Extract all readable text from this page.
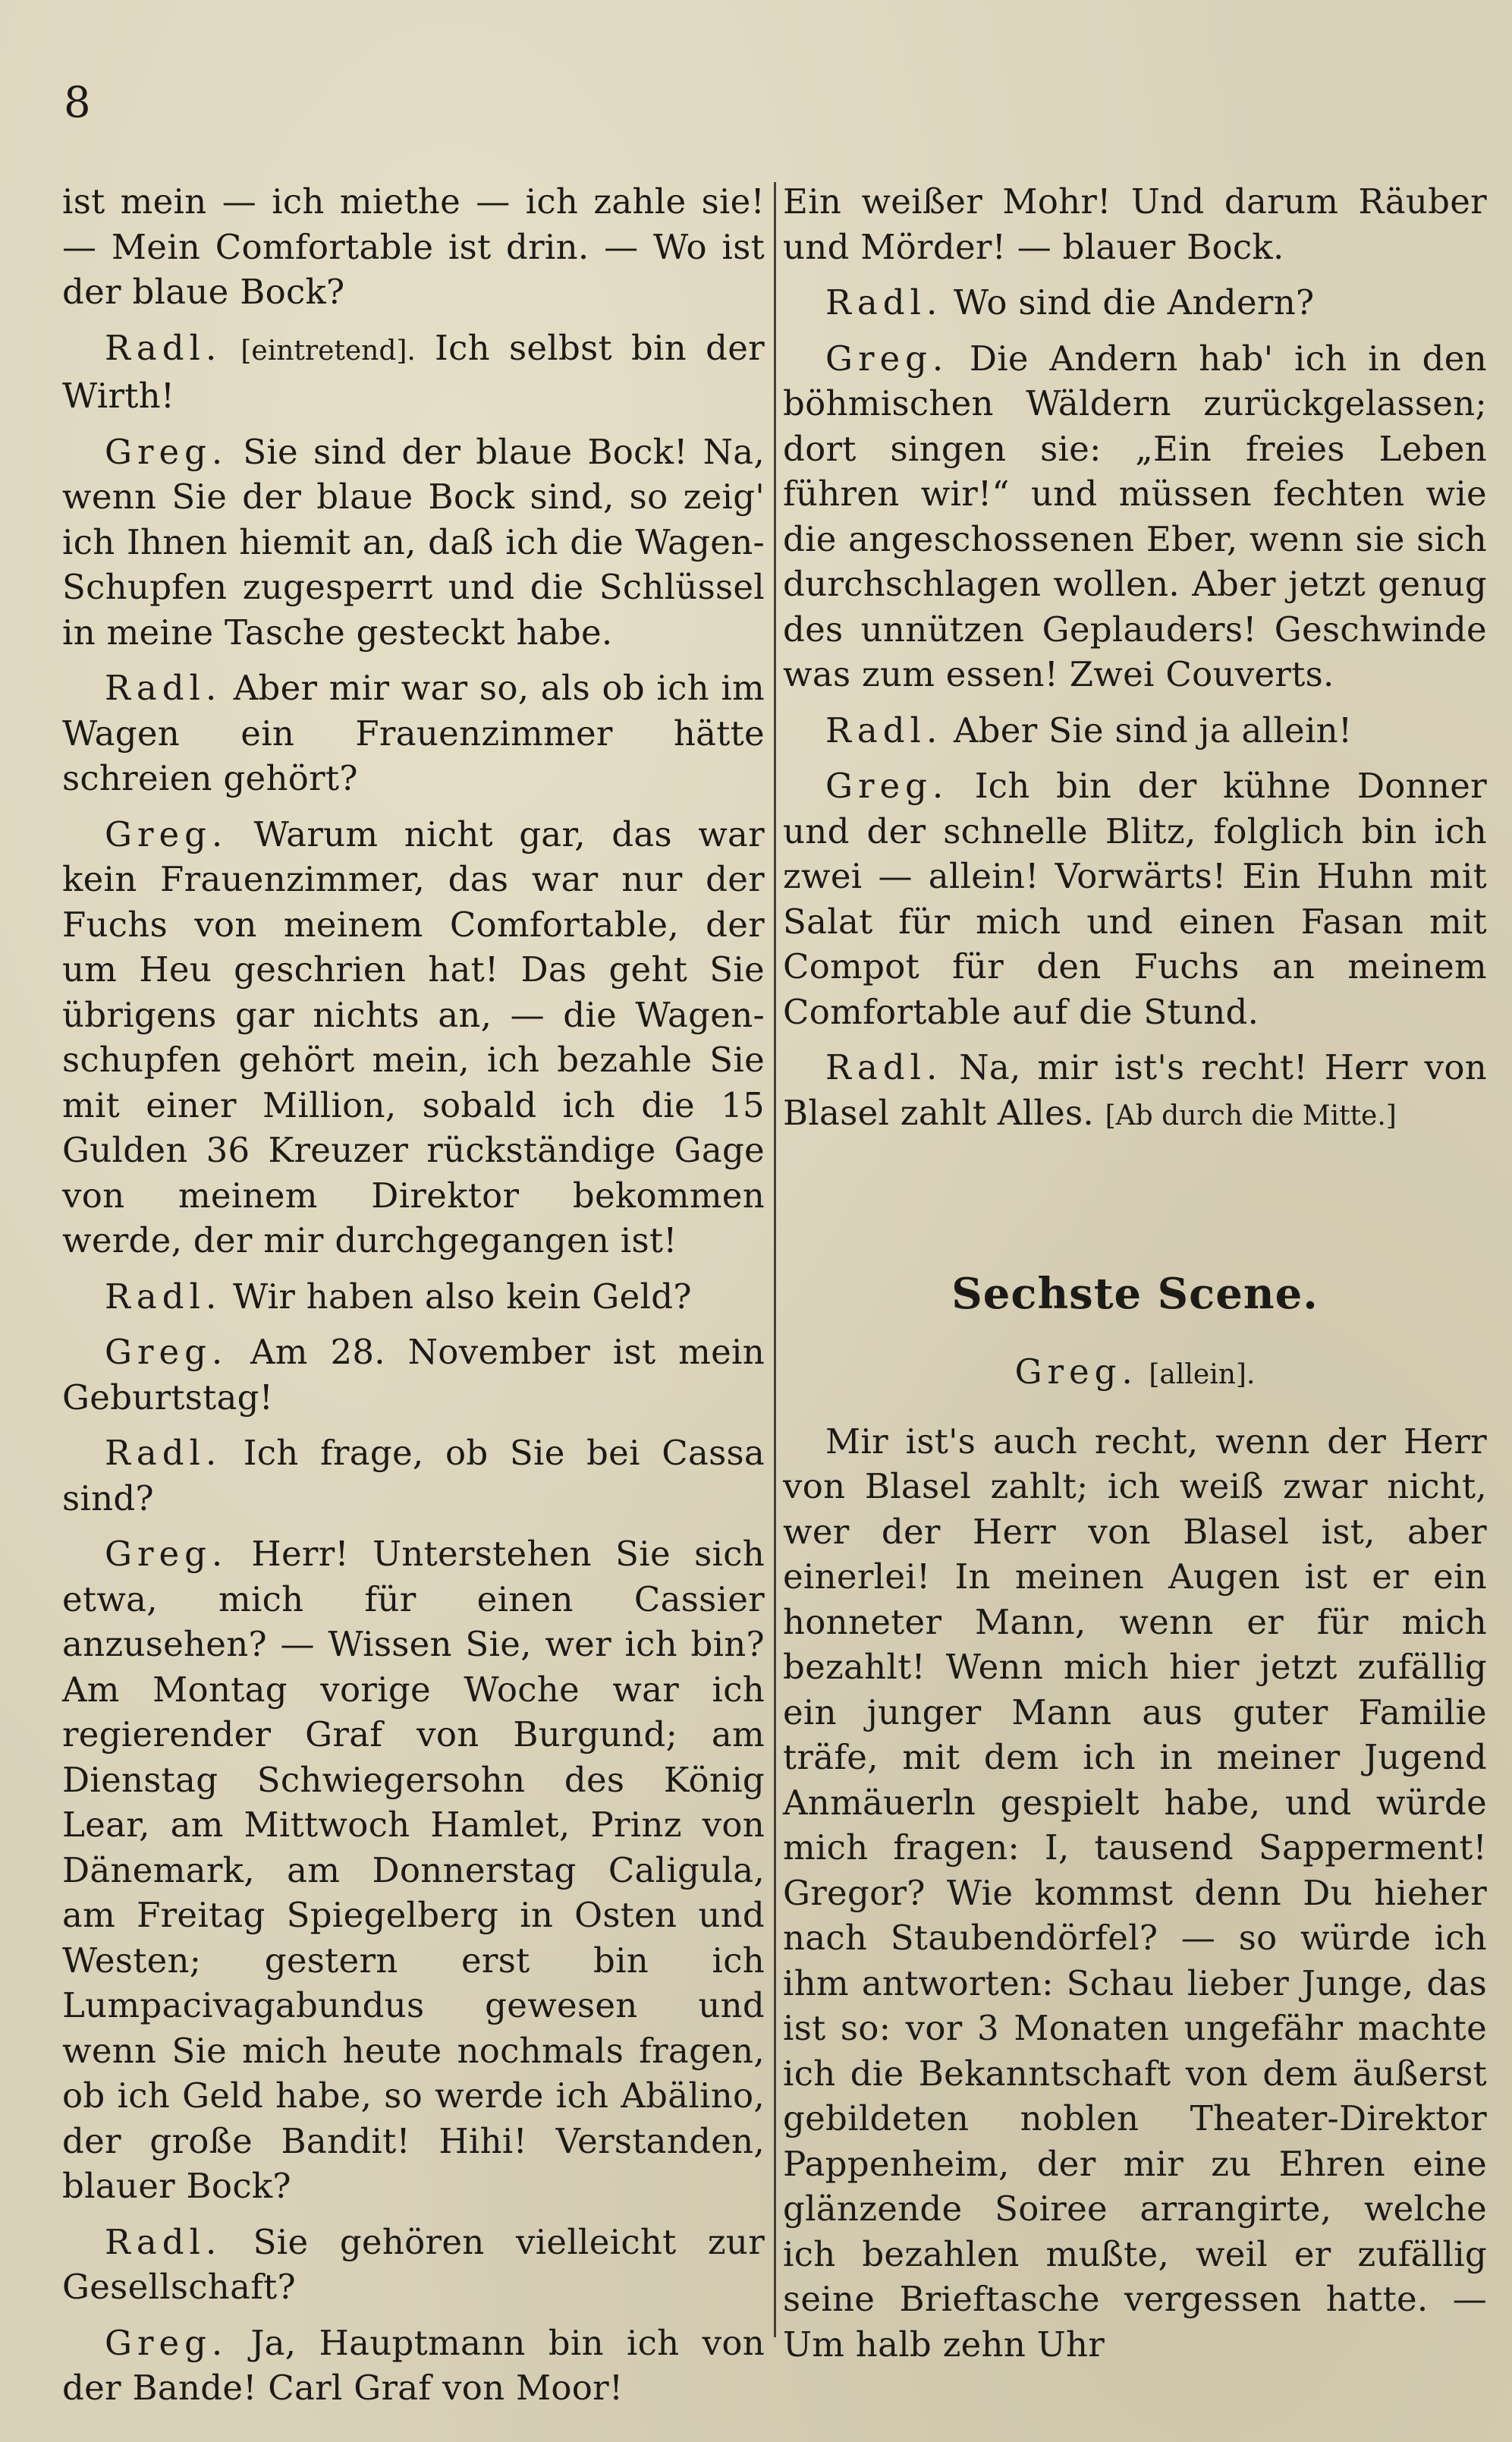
8

ist mein — ich miethe — ich zahle sie! — Mein Comfortable ist drin. — Wo ist der blaue Bock?

Radl. [eintretend]. Ich selbst bin der Wirth!

Greg. Sie sind der blaue Bock! Na, wenn Sie der blaue Bock sind, so zeig' ich Ihnen hiemit an, daß ich die Wagen-Schupfen zugesperrt und die Schlüssel in meine Tasche gesteckt habe.

Radl. Aber mir war so, als ob ich im Wagen ein Frauenzimmer hätte schreien gehört?

Greg. Warum nicht gar, das war kein Frauenzimmer, das war nur der Fuchs von meinem Comfortable, der um Heu geschrien hat! Das geht Sie übrigens gar nichts an, — die Wagen-schupfen gehört mein, ich bezahle Sie mit einer Million, sobald ich die 15 Gulden 36 Kreuzer rückständige Gage von meinem Direktor bekommen werde, der mir durchgegangen ist!

Radl. Wir haben also kein Geld?

Greg. Am 28. November ist mein Geburtstag!

Radl. Ich frage, ob Sie bei Cassa sind?

Greg. Herr! Unterstehen Sie sich etwa, mich für einen Cassier anzusehen? — Wissen Sie, wer ich bin? Am Montag vorige Woche war ich regierender Graf von Burgund; am Dienstag Schwiegersohn des König Lear, am Mittwoch Hamlet, Prinz von Dänemark, am Donnerstag Caligula, am Freitag Spiegelberg in Osten und Westen; gestern erst bin ich Lumpacivagabundus gewesen und wenn Sie mich heute nochmals fragen, ob ich Geld habe, so werde ich Abälino, der große Bandit! Hihi! Verstanden, blauer Bock?

Radl. Sie gehören vielleicht zur Gesellschaft?

Greg. Ja, Hauptmann bin ich von der Bande! Carl Graf von Moor!

Ein weißer Mohr! Und darum Räuber und Mörder! — blauer Bock.

Radl. Wo sind die Andern?

Greg. Die Andern hab' ich in den böhmischen Wäldern zurückgelassen; dort singen sie: „Ein freies Leben führen wir!“ und müssen fechten wie die angeschossenen Eber, wenn sie sich durchschlagen wollen. Aber jetzt genug des unnützen Geplauders! Geschwinde was zum essen! Zwei Couverts.

Radl. Aber Sie sind ja allein!

Greg. Ich bin der kühne Donner und der schnelle Blitz, folglich bin ich zwei — allein! Vorwärts! Ein Huhn mit Salat für mich und einen Fasan mit Compot für den Fuchs an meinem Comfortable auf die Stund.

Radl. Na, mir ist's recht! Herr von Blasel zahlt Alles. [Ab durch die Mitte.]

Sechste Scene.

Greg. [allein].

Mir ist's auch recht, wenn der Herr von Blasel zahlt; ich weiß zwar nicht, wer der Herr von Blasel ist, aber einerlei! In meinen Augen ist er ein honneter Mann, wenn er für mich bezahlt! Wenn mich hier jetzt zufällig ein junger Mann aus guter Familie träfe, mit dem ich in meiner Jugend Anmäuerln gespielt habe, und würde mich fragen: I, tausend Sapperment! Gregor? Wie kommst denn Du hieher nach Staubendörfel? — so würde ich ihm antworten: Schau lieber Junge, das ist so: vor 3 Monaten ungefähr machte ich die Bekanntschaft von dem äußerst gebildeten noblen Theater-Direktor Pappenheim, der mir zu Ehren eine glänzende Soiree arrangirte, welche ich bezahlen mußte, weil er zufällig seine Brieftasche vergessen hatte. — Um halb zehn Uhr
